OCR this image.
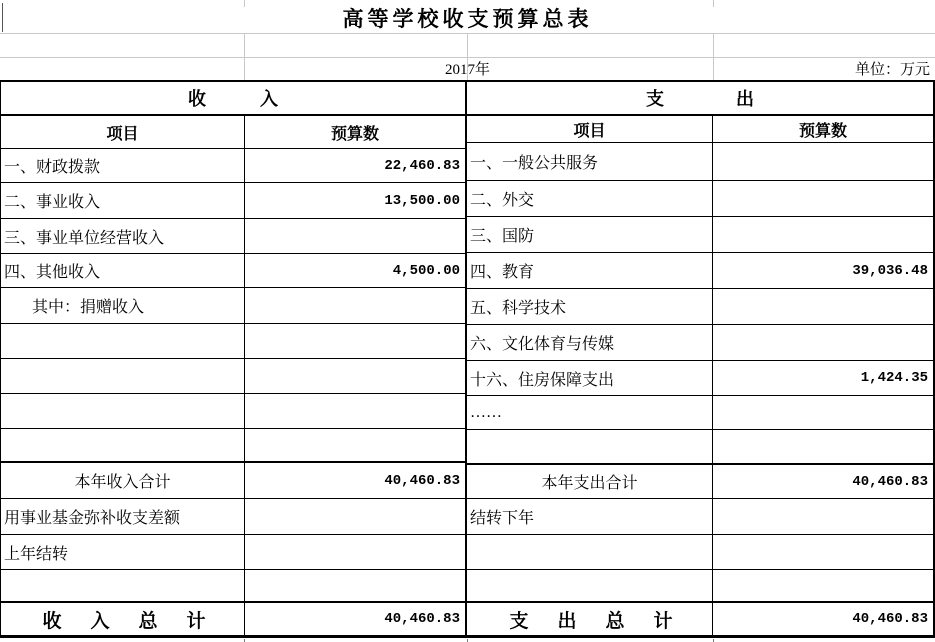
高等学校收支预算总表
2017年	单位：万元
收　　　入
项目	预算数
一、财政拨款	22,460.83
二、事业收入	13,500.00
三、事业单位经营收入
四、其他收入	4,500.00
其中：捐赠收入
本年收入合计	40,460.83
用事业基金弥补收支差额
上年结转
收　入　总　计	40,460.83
支　　　　出
项目	预算数
一、一般公共服务
二、外交
三、国防
四、教育	39,036.48
五、科学技术
六、文化体育与传媒
十六、住房保障支出	1,424.35
……
本年支出合计	40,460.83
结转下年
支　出　总　计	40,460.83
